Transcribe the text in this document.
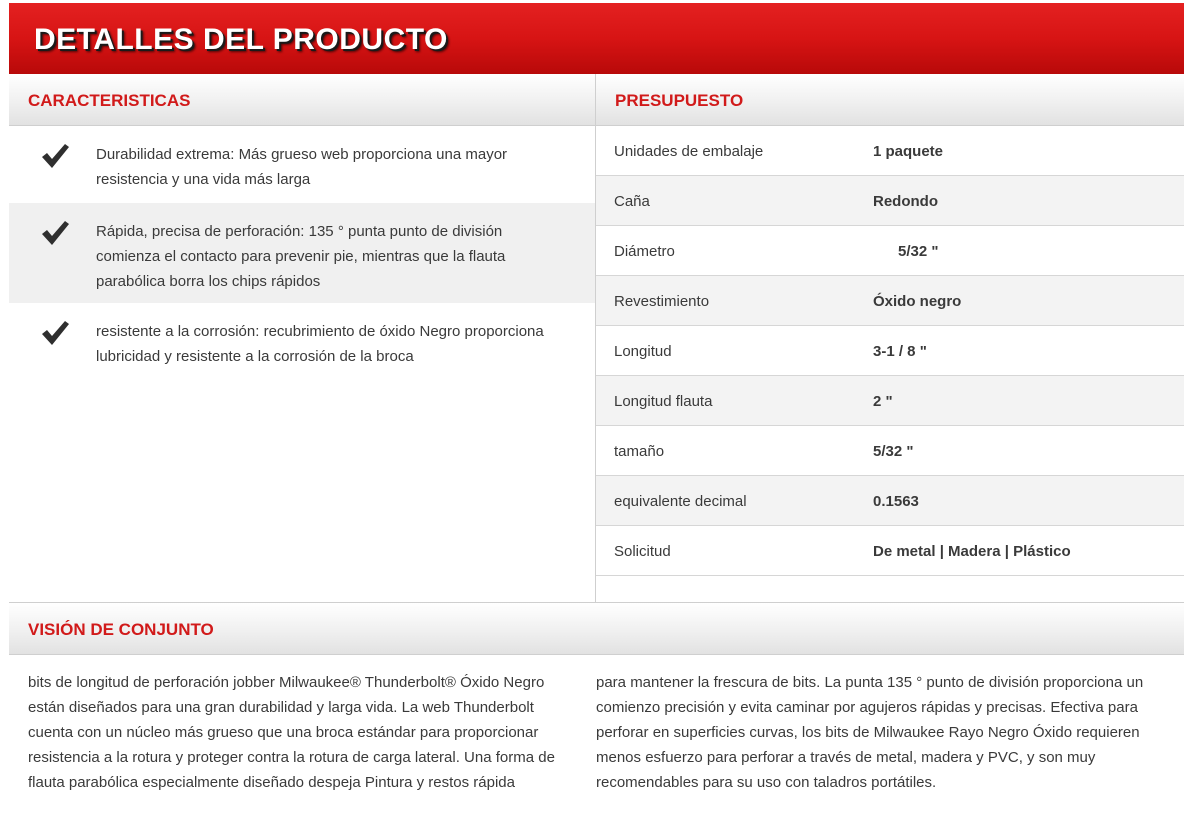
DETALLES DEL PRODUCTO
CARACTERISTICAS	PRESUPUESTO
Durabilidad extrema: Más grueso web proporciona una mayor resistencia y una vida más larga
Rápida, precisa de perforación: 135 ° punta punto de división comienza el contacto para prevenir pie, mientras que la flauta parabólica borra los chips rápidos
resistente a la corrosión: recubrimiento de óxido Negro proporciona lubricidad y resistente a la corrosión de la broca
Unidades de embalaje	1 paquete
Caña	Redondo
Diámetro	5/32 "
Revestimiento	Óxido negro
Longitud	3-1 / 8 "
Longitud flauta	2 "
tamaño	5/32 "
equivalente decimal	0.1563
Solicitud	De metal | Madera | Plástico
VISIÓN DE CONJUNTO
bits de longitud de perforación jobber Milwaukee® Thunderbolt® Óxido Negro están diseñados para una gran durabilidad y larga vida. La web Thunderbolt cuenta con un núcleo más grueso que una broca estándar para proporcionar resistencia a la rotura y proteger contra la rotura de carga lateral. Una forma de flauta parabólica especialmente diseñado despeja Pintura y restos rápida
para mantener la frescura de bits. La punta 135 ° punto de división proporciona un comienzo precisión y evita caminar por agujeros rápidas y precisas. Efectiva para perforar en superficies curvas, los bits de Milwaukee Rayo Negro Óxido requieren menos esfuerzo para perforar a través de metal, madera y PVC, y son muy recomendables para su uso con taladros portátiles.
